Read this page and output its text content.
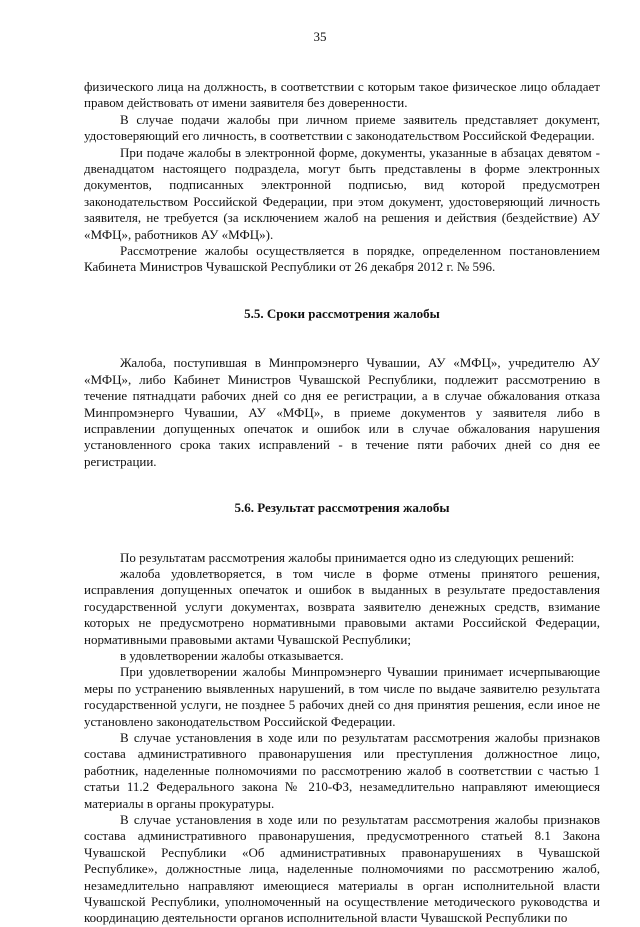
35

физического лица на должность, в соответствии с которым такое физическое лицо обладает правом действовать от имени заявителя без доверенности.

В случае подачи жалобы при личном приеме заявитель представляет документ, удостоверяющий его личность, в соответствии с законодательством Российской Федерации.

При подаче жалобы в электронной форме, документы, указанные в абзацах девятом - двенадцатом настоящего подраздела, могут быть представлены в форме электронных документов, подписанных электронной подписью, вид которой предусмотрен законодательством Российской Федерации, при этом документ, удостоверяющий личность заявителя, не требуется (за исключением жалоб на решения и действия (бездействие) АУ «МФЦ», работников АУ «МФЦ»).

Рассмотрение жалобы осуществляется в порядке, определенном постановлением Кабинета Министров Чувашской Республики от 26 декабря 2012 г. № 596.

5.5. Сроки рассмотрения жалобы

Жалоба, поступившая в Минпромэнерго Чувашии, АУ «МФЦ», учредителю АУ «МФЦ», либо Кабинет Министров Чувашской Республики, подлежит рассмотрению в течение пятнадцати рабочих дней со дня ее регистрации, а в случае обжалования отказа Минпромэнерго Чувашии, АУ «МФЦ», в приеме документов у заявителя либо в исправлении допущенных опечаток и ошибок или в случае обжалования нарушения установленного срока таких исправлений - в течение пяти рабочих дней со дня ее регистрации.

5.6. Результат рассмотрения жалобы

По результатам рассмотрения жалобы принимается одно из следующих решений:

жалоба удовлетворяется, в том числе в форме отмены принятого решения, исправления допущенных опечаток и ошибок в выданных в результате предоставления государственной услуги документах, возврата заявителю денежных средств, взимание которых не предусмотрено нормативными правовыми актами Российской Федерации, нормативными правовыми актами Чувашской Республики;

в удовлетворении жалобы отказывается.

При удовлетворении жалобы Минпромэнерго Чувашии принимает исчерпывающие меры по устранению выявленных нарушений, в том числе по выдаче заявителю результата государственной услуги, не позднее 5 рабочих дней со дня принятия решения, если иное не установлено законодательством Российской Федерации.

В случае установления в ходе или по результатам рассмотрения жалобы признаков состава административного правонарушения или преступления должностное лицо, работник, наделенные полномочиями по рассмотрению жалоб в соответствии с частью 1 статьи 11.2 Федерального закона № 210-ФЗ, незамедлительно направляют имеющиеся материалы в органы прокуратуры.

В случае установления в ходе или по результатам рассмотрения жалобы признаков состава административного правонарушения, предусмотренного статьей 8.1 Закона Чувашской Республики «Об административных правонарушениях в Чувашской Республике», должностные лица, наделенные полномочиями по рассмотрению жалоб, незамедлительно направляют имеющиеся материалы в орган исполнительной власти Чувашской Республики, уполномоченный на осуществление методического руководства и координацию деятельности органов исполнительной власти Чувашской Республики по
